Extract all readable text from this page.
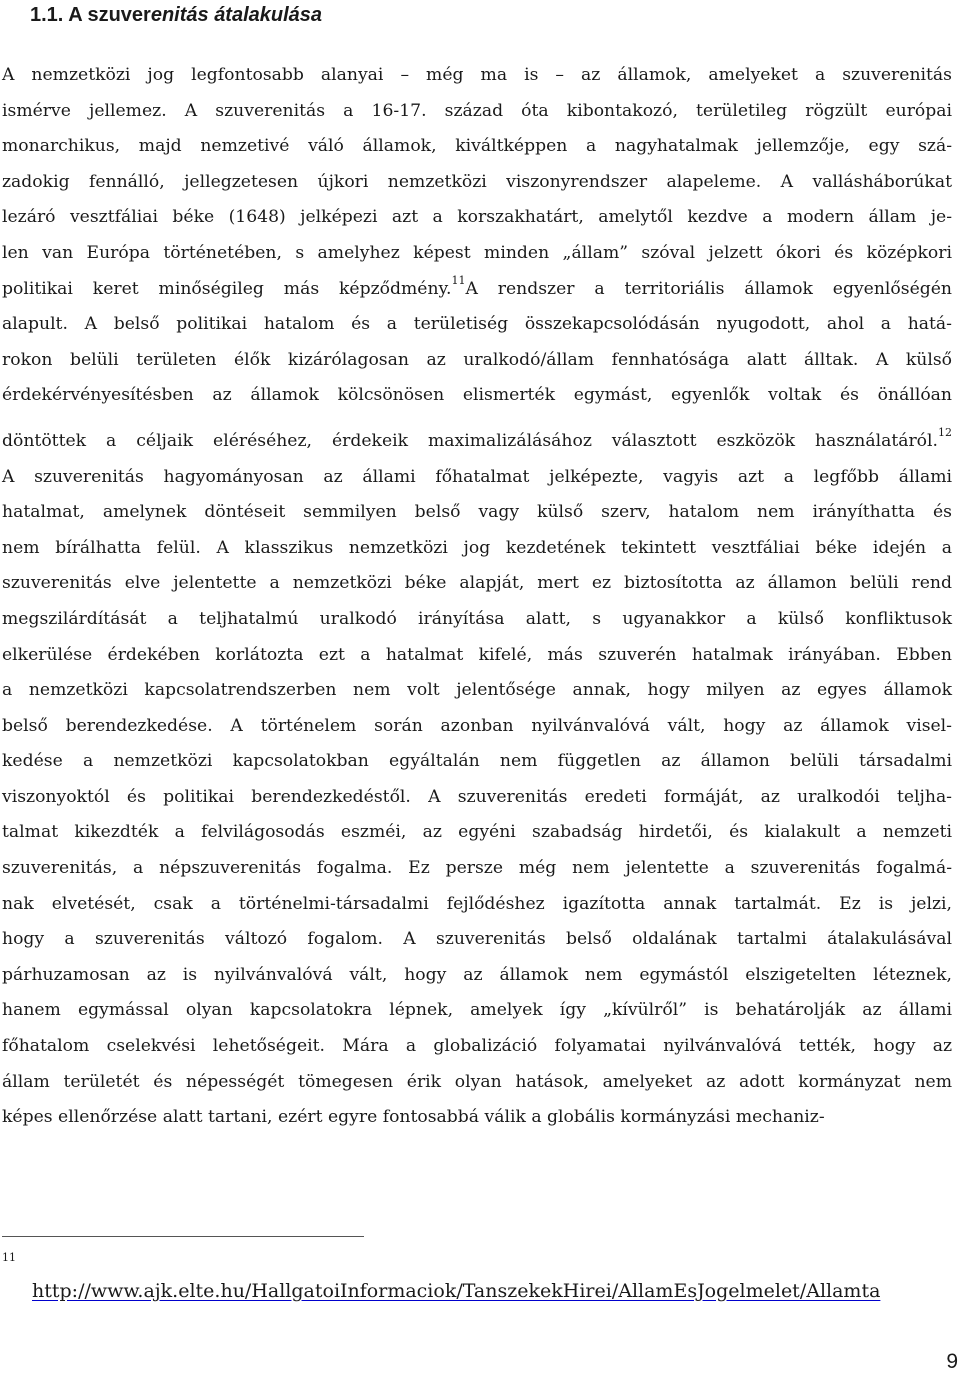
1.1. A szuverenitás átalakulása
A nemzetközi jog legfontosabb alanyai – még ma is – az államok, amelyeket a szuverenitás
ismérve jellemez. A szuverenitás a 16-17. század óta kibontakozó, területileg rögzült európai
monarchikus, majd nemzetivé váló államok, kiváltképpen a nagyhatalmak jellemzője, egy szá-
zadokig fennálló, jellegzetesen újkori nemzetközi viszonyrendszer alapeleme. A vallásháborúkat
lezáró vesztfáliai béke (1648) jelképezi azt a korszakhatárt, amelytől kezdve a modern állam je-
len van Európa történetében, s amelyhez képest minden „állam” szóval jelzett ókori és középkori
politikai keret minőségileg más képződmény.$^{11}$A rendszer a territoriális államok egyenlőségén
alapult. A belső politikai hatalom és a területiség összekapcsolódásán nyugodott, ahol a hatá-
rokon belüli területen élők kizárólagosan az uralkodó/állam fennhatósága alatt álltak. A külső
érdekérvényesítésben az államok kölcsönösen elismerték egymást, egyenlők voltak és önállóan
döntöttek a céljaik eléréséhez, érdekeik maximalizálásához választott eszközök használatáról.$^{12}$
A szuverenitás hagyományosan az állami főhatalmat jelképezte, vagyis azt a legfőbb állami
hatalmat, amelynek döntéseit semmilyen belső vagy külső szerv, hatalom nem irányíthatta és
nem bírálhatta felül. A klasszikus nemzetközi jog kezdetének tekintett vesztfáliai béke idején a
szuverenitás elve jelentette a nemzetközi béke alapját, mert ez biztosította az államon belüli rend
megszilárdítását a teljhatalmú uralkodó irányítása alatt, s ugyanakkor a külső konfliktusok
elkerülése érdekében korlátozta ezt a hatalmat kifelé, más szuverén hatalmak irányában. Ebben
a nemzetközi kapcsolatrendszerben nem volt jelentősége annak, hogy milyen az egyes államok
belső berendezkedése. A történelem során azonban nyilvánvalóvá vált, hogy az államok visel-
kedése a nemzetközi kapcsolatokban egyáltalán nem független az államon belüli társadalmi
viszonyoktól és politikai berendezkedéstől. A szuverenitás eredeti formáját, az uralkodói teljha-
talmat kikezdték a felvilágosodás eszméi, az egyéni szabadság hirdetői, és kialakult a nemzeti
szuverenitás, a népszuverenitás fogalma. Ez persze még nem jelentette a szuverenitás fogalmá-
nak elvetését, csak a történelmi-társadalmi fejlődéshez igazította annak tartalmát. Ez is jelzi,
hogy a szuverenitás változó fogalom. A szuverenitás belső oldalának tartalmi átalakulásával
párhuzamosan az is nyilvánvalóvá vált, hogy az államok nem egymástól elszigetelten léteznek,
hanem egymással olyan kapcsolatokra lépnek, amelyek így „kívülről” is behatárolják az állami
főhatalom cselekvési lehetőségeit. Mára a globalizáció folyamatai nyilvánvalóvá tették, hogy az
állam területét és népességét tömegesen érik olyan hatások, amelyeket az adott kormányzat nem
képes ellenőrzése alatt tartani, ezért egyre fontosabbá válik a globális kormányzási mechaniz-
11
http://www.ajk.elte.hu/HallgatoiInformaciok/TanszekekHirei/AllamEsJogelmelet/Allamta
9
